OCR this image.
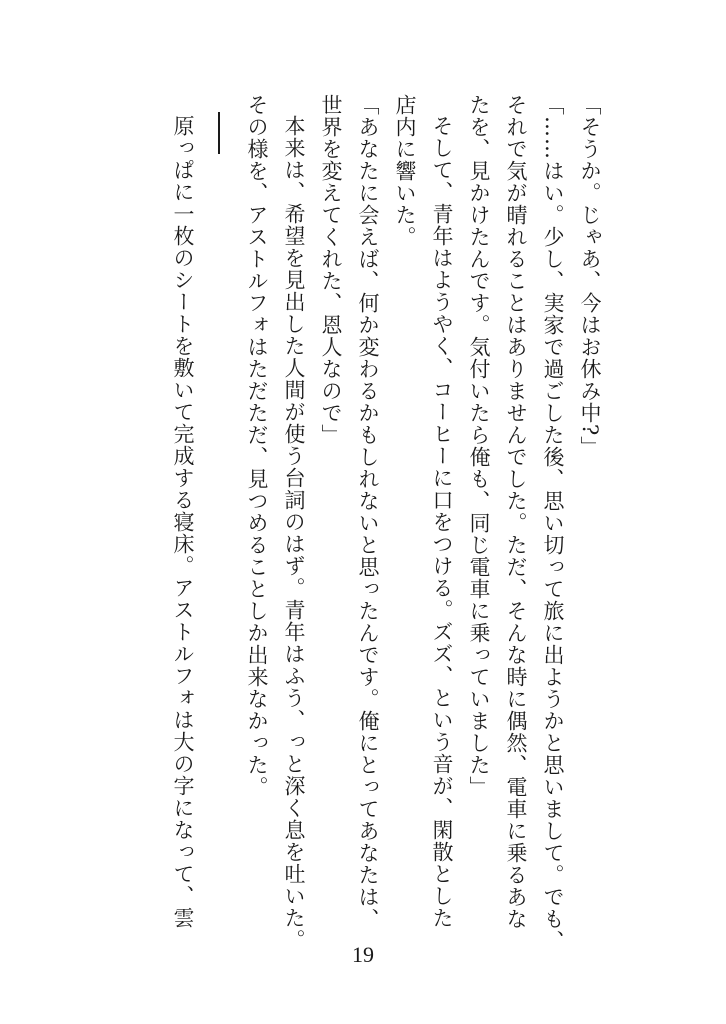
「そうか。じゃあ、今はお休み中?」

「……はい。少し、実家で過ごした後、思い切って旅に出ようかと思いまして。でも、

それで気が晴れることはありませんでした。ただ、そんな時に偶然、電車に乗るあな

たを、見かけたんです。気付いたら俺も、同じ電車に乗っていました」

そして、青年はようやく、コーヒーに口をつける。ズズ、という音が、閑散とした

店内に響いた。

「あなたに会えば、何か変わるかもしれないと思ったんです。俺にとってあなたは、

世界を変えてくれた、恩人なので」

本来は、希望を見出した人間が使う台詞のはず。青年はふう、っと深く息を吐いた。

その様を、アストルフォはただただ、見つめることしか出来なかった。

原っぱに一枚のシートを敷いて完成する寝床。アストルフォは大の字になって、雲

19
